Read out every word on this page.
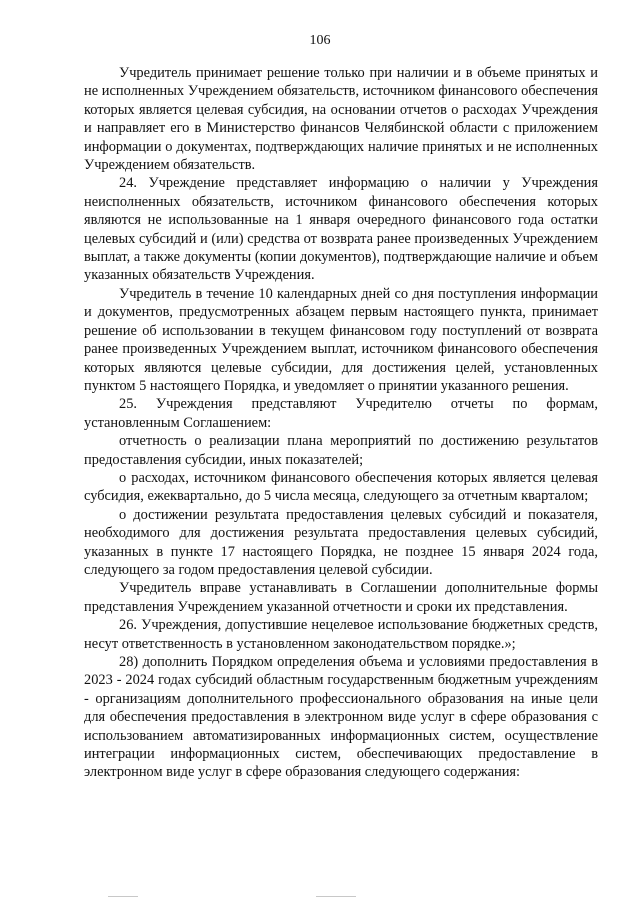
106

Учредитель принимает решение только при наличии и в объеме принятых и не исполненных Учреждением обязательств, источником финансового обеспечения которых является целевая субсидия, на основании отчетов о расходах Учреждения и направляет его в Министерство финансов Челябинской области с приложением информации о документах, подтверждающих наличие принятых и не исполненных Учреждением обязательств.

24. Учреждение представляет информацию о наличии у Учреждения неисполненных обязательств, источником финансового обеспечения которых являются не использованные на 1 января очередного финансового года остатки целевых субсидий и (или) средства от возврата ранее произведенных Учреждением выплат, а также документы (копии документов), подтверждающие наличие и объем указанных обязательств Учреждения.

Учредитель в течение 10 календарных дней со дня поступления информации и документов, предусмотренных абзацем первым настоящего пункта, принимает решение об использовании в текущем финансовом году поступлений от возврата ранее произведенных Учреждением выплат, источником финансового обеспечения которых являются целевые субсидии, для достижения целей, установленных пунктом 5 настоящего Порядка, и уведомляет о принятии указанного решения.

25. Учреждения представляют Учредителю отчеты по формам, установленным Соглашением:

отчетность о реализации плана мероприятий по достижению результатов предоставления субсидии, иных показателей;

о расходах, источником финансового обеспечения которых является целевая субсидия, ежеквартально, до 5 числа месяца, следующего за отчетным кварталом;

о достижении результата предоставления целевых субсидий и показателя, необходимого для достижения результата предоставления целевых субсидий, указанных в пункте 17 настоящего Порядка, не позднее 15 января 2024 года, следующего за годом предоставления целевой субсидии.

Учредитель вправе устанавливать в Соглашении дополнительные формы представления Учреждением указанной отчетности и сроки их представления.

26. Учреждения, допустившие нецелевое использование бюджетных средств, несут ответственность в установленном законодательством порядке.»;

28) дополнить Порядком определения объема и условиями предоставления в 2023 - 2024 годах субсидий областным государственным бюджетным учреждениям - организациям дополнительного профессионального образования на иные цели для обеспечения предоставления в электронном виде услуг в сфере образования с использованием автоматизированных информационных систем, осуществление интеграции информационных систем, обеспечивающих предоставление в электронном виде услуг в сфере образования следующего содержания:
